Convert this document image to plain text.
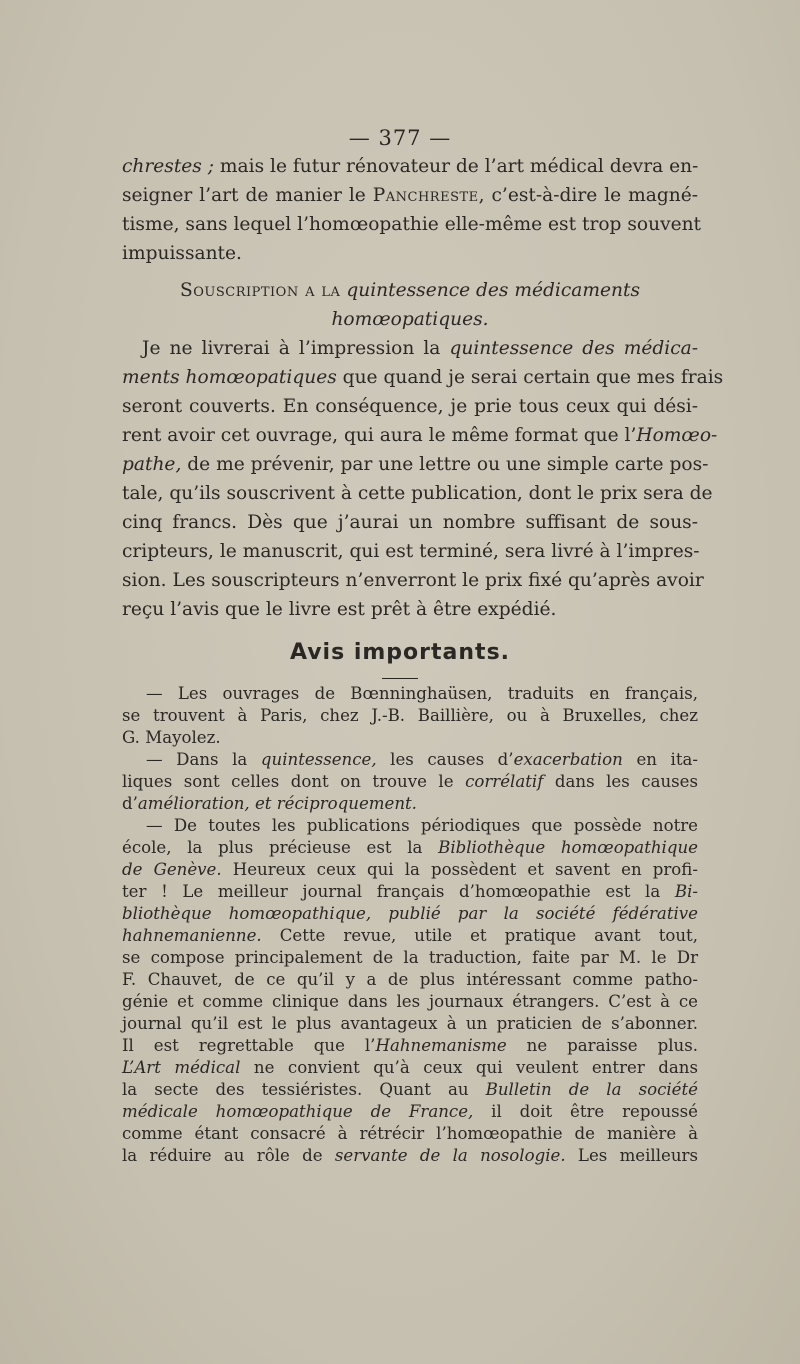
— 377 —
chrestes ; mais le futur rénovateur de l’art médical devra en-
seigner l’art de manier le Panchreste, c’est-à-dire le magné-
tisme, sans lequel l’homœopathie elle-même est trop souvent
impuissante.
Souscription a la quintessence des médicaments
homœopatiques.
Je ne livrerai à l’impression la quintessence des médica-
ments homœopatiques que quand je serai certain que mes frais
seront couverts. En conséquence, je prie tous ceux qui dési-
rent avoir cet ouvrage, qui aura le même format que l’Homœo-
pathe, de me prévenir, par une lettre ou une simple carte pos-
tale, qu’ils souscrivent à cette publication, dont le prix sera de
cinq francs. Dès que j’aurai un nombre suffisant de sous-
cripteurs, le manuscrit, qui est terminé, sera livré à l’impres-
sion. Les souscripteurs n’enverront le prix fixé qu’après avoir
reçu l’avis que le livre est prêt à être expédié.
Avis importants.
— Les ouvrages de Bœnninghaüsen, traduits en français,
se trouvent à Paris, chez J.-B. Baillière, ou à Bruxelles, chez
G. Mayolez.
— Dans la quintessence, les causes d’exacerbation en ita-
liques sont celles dont on trouve le corrélatif dans les causes
d’amélioration, et réciproquement.
— De toutes les publications périodiques que possède notre
école, la plus précieuse est la Bibliothèque homœopathique
de Genève. Heureux ceux qui la possèdent et savent en profi-
ter ! Le meilleur journal français d’homœopathie est la Bi-
bliothèque homœopathique, publié par la société fédérative
hahnemanienne. Cette revue, utile et pratique avant tout,
se compose principalement de la traduction, faite par M. le Dr
F. Chauvet, de ce qu’il y a de plus intéressant comme patho-
génie et comme clinique dans les journaux étrangers. C’est à ce
journal qu’il est le plus avantageux à un praticien de s’abonner.
Il est regrettable que l’Hahnemanisme ne paraisse plus.
L’Art médical ne convient qu’à ceux qui veulent entrer dans
la secte des tessiéristes. Quant au Bulletin de la société
médicale homœopathique de France, il doit être repoussé
comme étant consacré à rétrécir l’homœopathie de manière à
la réduire au rôle de servante de la nosologie. Les meilleurs
